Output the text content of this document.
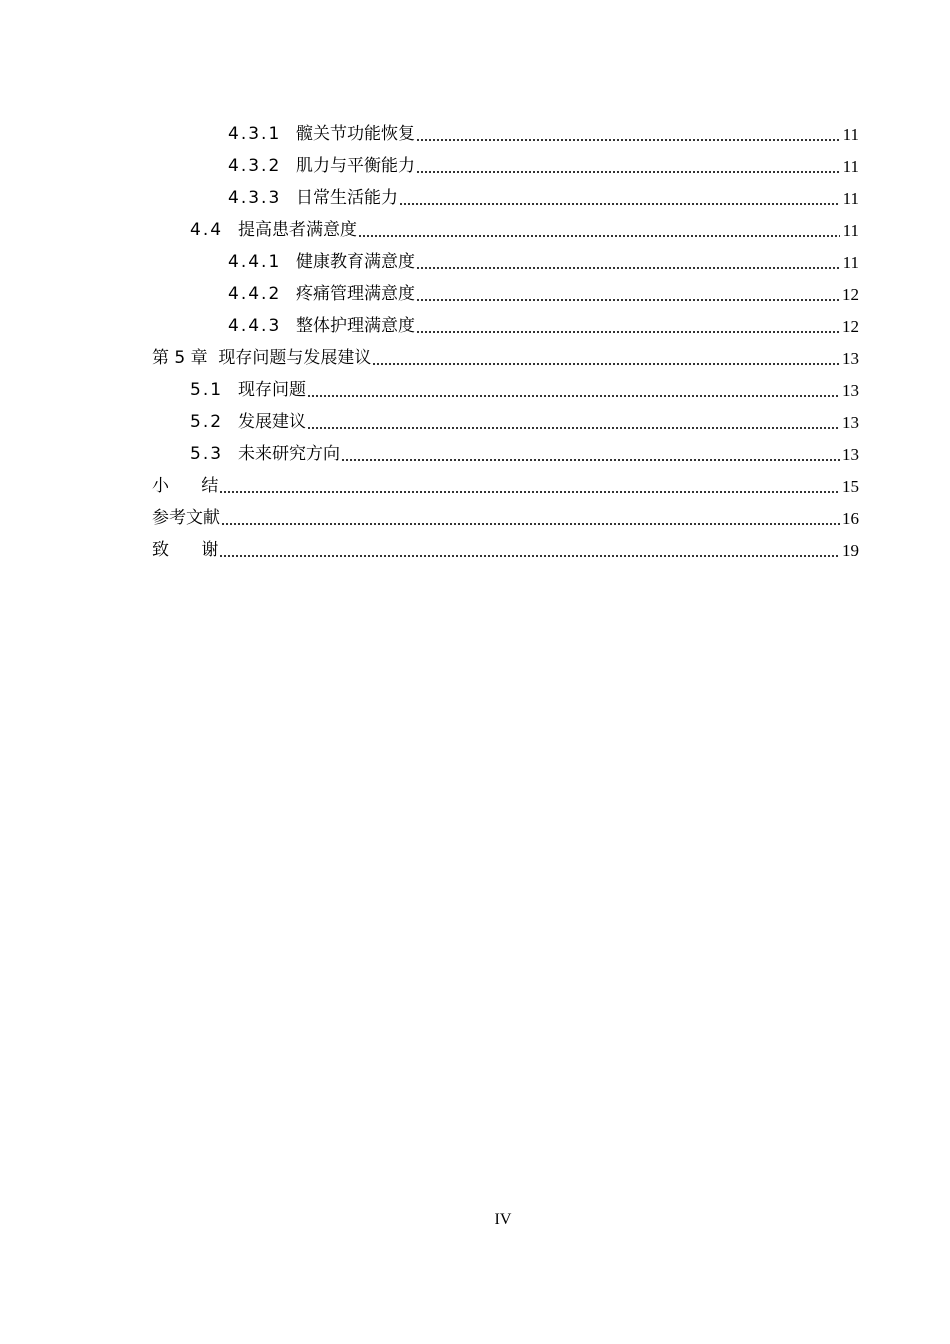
4.3.1 髋关节功能恢复	11
4.3.2 肌力与平衡能力	11
4.3.3 日常生活能力	11
4.4 提高患者满意度	11
4.4.1 健康教育满意度	11
4.4.2 疼痛管理满意度	12
4.4.3 整体护理满意度	12
第 5 章  现存问题与发展建议	13
5.1 现存问题	13
5.2 发展建议	13
5.3 未来研究方向	13
小      结	15
参考文献	16
致      谢	19
IV
